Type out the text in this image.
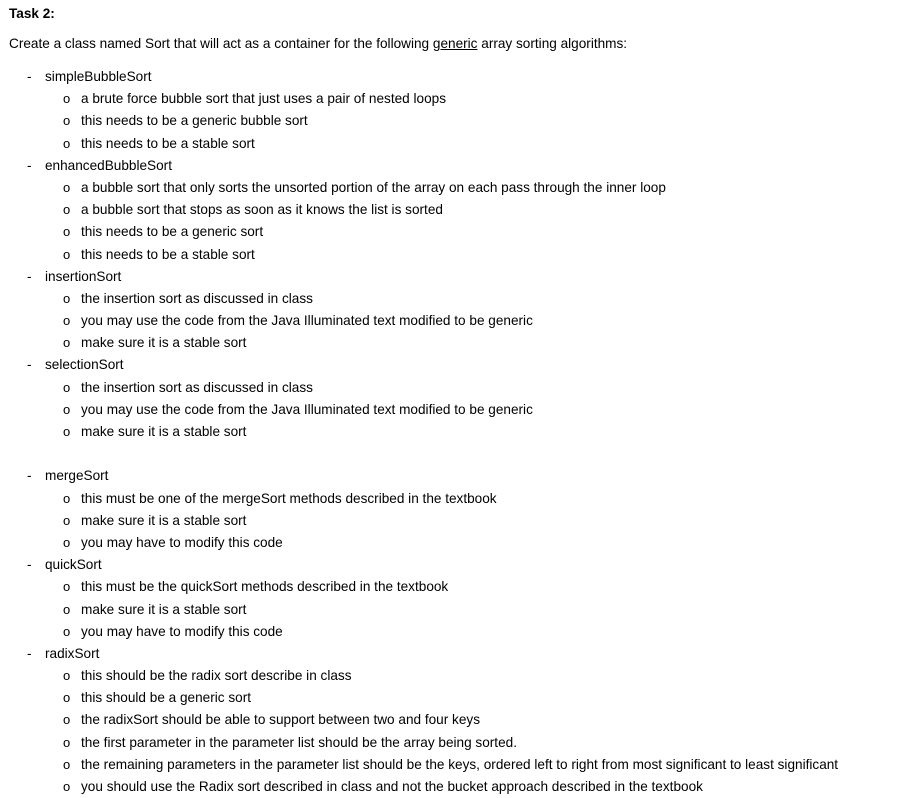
Task 2:
Create a class named Sort that will act as a container for the following generic array sorting algorithms:
- simpleBubbleSort
o a brute force bubble sort that just uses a pair of nested loops
o this needs to be a generic bubble sort
o this needs to be a stable sort
- enhancedBubbleSort
o a bubble sort that only sorts the unsorted portion of the array on each pass through the inner loop
o a bubble sort that stops as soon as it knows the list is sorted
o this needs to be a generic sort
o this needs to be a stable sort
- insertionSort
o the insertion sort as discussed in class
o you may use the code from the Java Illuminated text modified to be generic
o make sure it is a stable sort
- selectionSort
o the insertion sort as discussed in class
o you may use the code from the Java Illuminated text modified to be generic
o make sure it is a stable sort
- mergeSort
o this must be one of the mergeSort methods described in the textbook
o make sure it is a stable sort
o you may have to modify this code
- quickSort
o this must be the quickSort methods described in the textbook
o make sure it is a stable sort
o you may have to modify this code
- radixSort
o this should be the radix sort describe in class
o this should be a generic sort
o the radixSort should be able to support between two and four keys
o the first parameter in the parameter list should be the array being sorted.
o the remaining parameters in the parameter list should be the keys, ordered left to right from most significant to least significant
o you should use the Radix sort described in class and not the bucket approach described in the textbook
